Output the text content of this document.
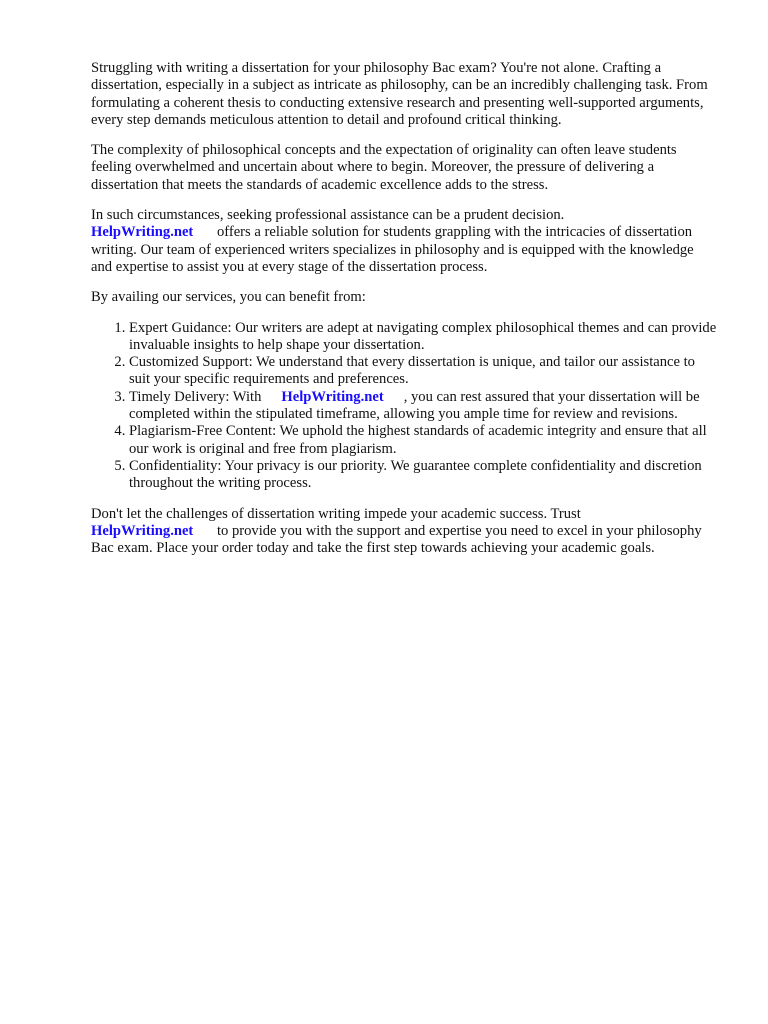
Struggling with writing a dissertation for your philosophy Bac exam? You're not alone. Crafting a dissertation, especially in a subject as intricate as philosophy, can be an incredibly challenging task. From formulating a coherent thesis to conducting extensive research and presenting well-supported arguments, every step demands meticulous attention to detail and profound critical thinking.

The complexity of philosophical concepts and the expectation of originality can often leave students feeling overwhelmed and uncertain about where to begin. Moreover, the pressure of delivering a dissertation that meets the standards of academic excellence adds to the stress.

In such circumstances, seeking professional assistance can be a prudent decision.
HelpWriting.net offers a reliable solution for students grappling with the intricacies of dissertation writing. Our team of experienced writers specializes in philosophy and is equipped with the knowledge and expertise to assist you at every stage of the dissertation process.

By availing our services, you can benefit from:

1. Expert Guidance: Our writers are adept at navigating complex philosophical themes and can provide invaluable insights to help shape your dissertation.
2. Customized Support: We understand that every dissertation is unique, and tailor our assistance to suit your specific requirements and preferences.
3. Timely Delivery: With HelpWriting.net , you can rest assured that your dissertation will be completed within the stipulated timeframe, allowing you ample time for review and revisions.
4. Plagiarism-Free Content: We uphold the highest standards of academic integrity and ensure that all our work is original and free from plagiarism.
5. Confidentiality: Your privacy is our priority. We guarantee complete confidentiality and discretion throughout the writing process.

Don't let the challenges of dissertation writing impede your academic success. Trust
HelpWriting.net to provide you with the support and expertise you need to excel in your philosophy Bac exam. Place your order today and take the first step towards achieving your academic goals.
